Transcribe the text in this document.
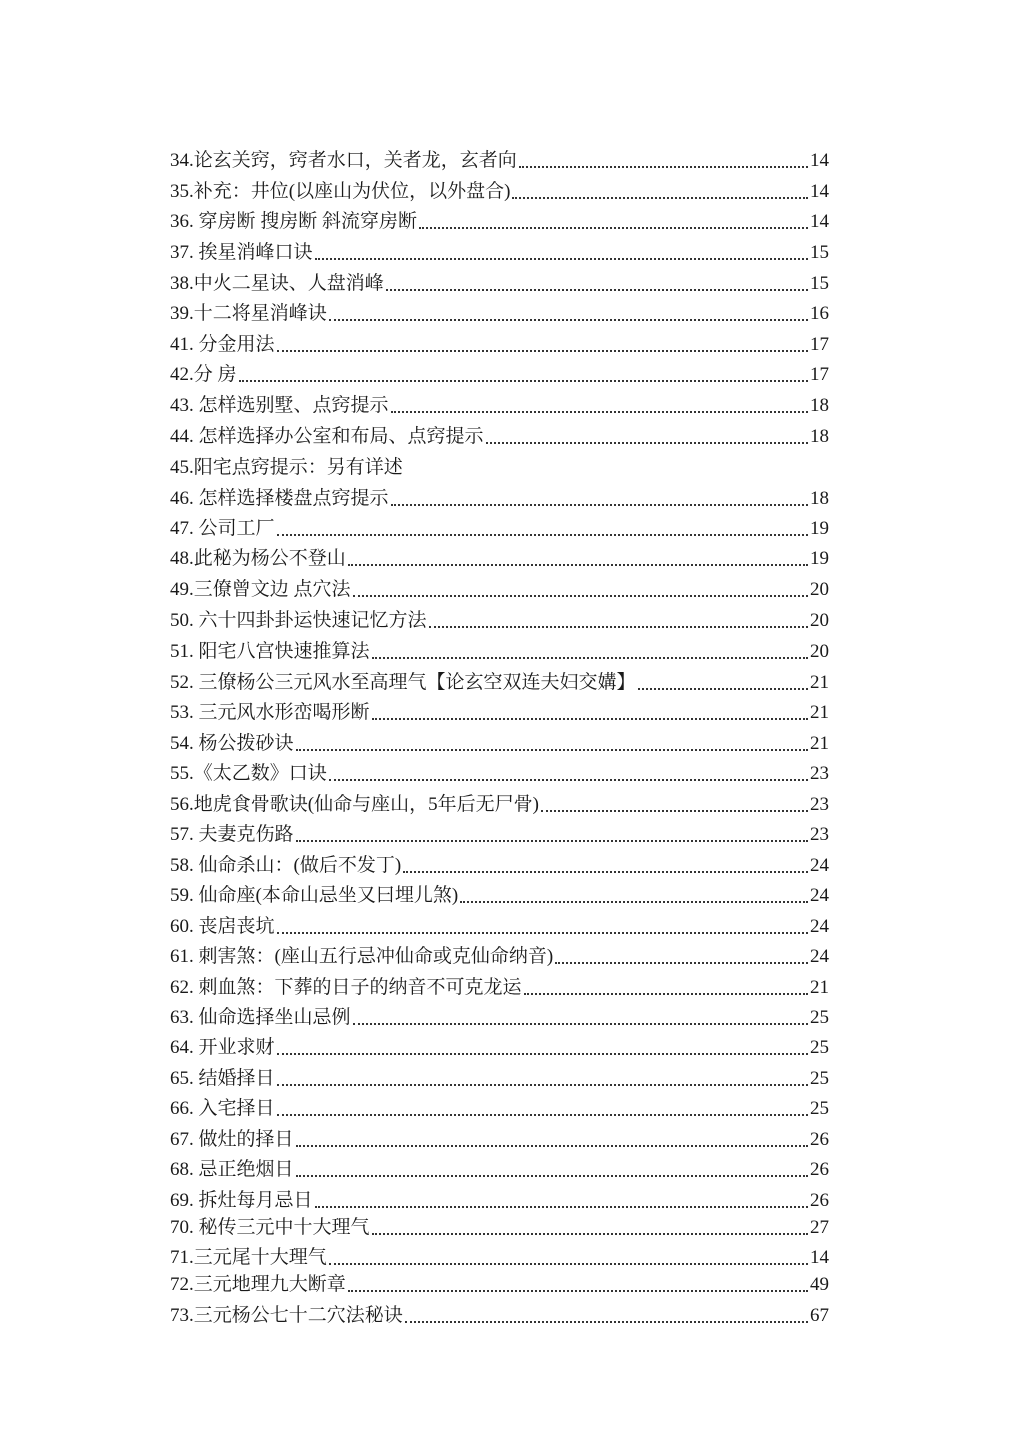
34.论玄关窍，窍者水口，关者龙，玄者向	14
35.补充：井位(以座山为伏位，以外盘合)	14
36. 穿房断 搜房断 斜流穿房断	14
37. 挨星消峰口诀	15
38.中火二星诀、人盘消峰	15
39.十二将星消峰诀	16
41. 分金用法	17
42.分 房	17
43. 怎样选别墅、点窍提示	18
44. 怎样选择办公室和布局、点窍提示	18
45.阳宅点窍提示：另有详述
46. 怎样选择楼盘点窍提示	18
47. 公司工厂	19
48.此秘为杨公不登山	19
49.三僚曾文边 点穴法	20
50. 六十四卦卦运快速记忆方法	20
51. 阳宅八宫快速推算法	20
52. 三僚杨公三元风水至高理气【论玄空双连夫妇交媾】	21
53. 三元风水形峦喝形断	21
54. 杨公拨砂诀	21
55.《太乙数》口诀	23
56.地虎食骨歌诀(仙命与座山，5年后无尸骨)	23
57. 夫妻克伤路	23
58. 仙命杀山：(做后不发丁)	24
59. 仙命座(本命山忌坐又曰埋儿煞)	24
60. 丧扂丧坑	24
61. 刺害煞：(座山五行忌冲仙命或克仙命纳音)	24
62. 刺血煞：下葬的日子的纳音不可克龙运	21
63. 仙命选择坐山忌例	25
64. 开业求财	25
65. 结婚择日	25
66. 入宅择日	25
67. 做灶的择日	26
68. 忌正绝烟日	26
69. 拆灶每月忌日	26
70. 秘传三元中十大理气	27
71.三元尾十大理气	14
72.三元地理九大断章	49
73.三元杨公七十二穴法秘诀	67
